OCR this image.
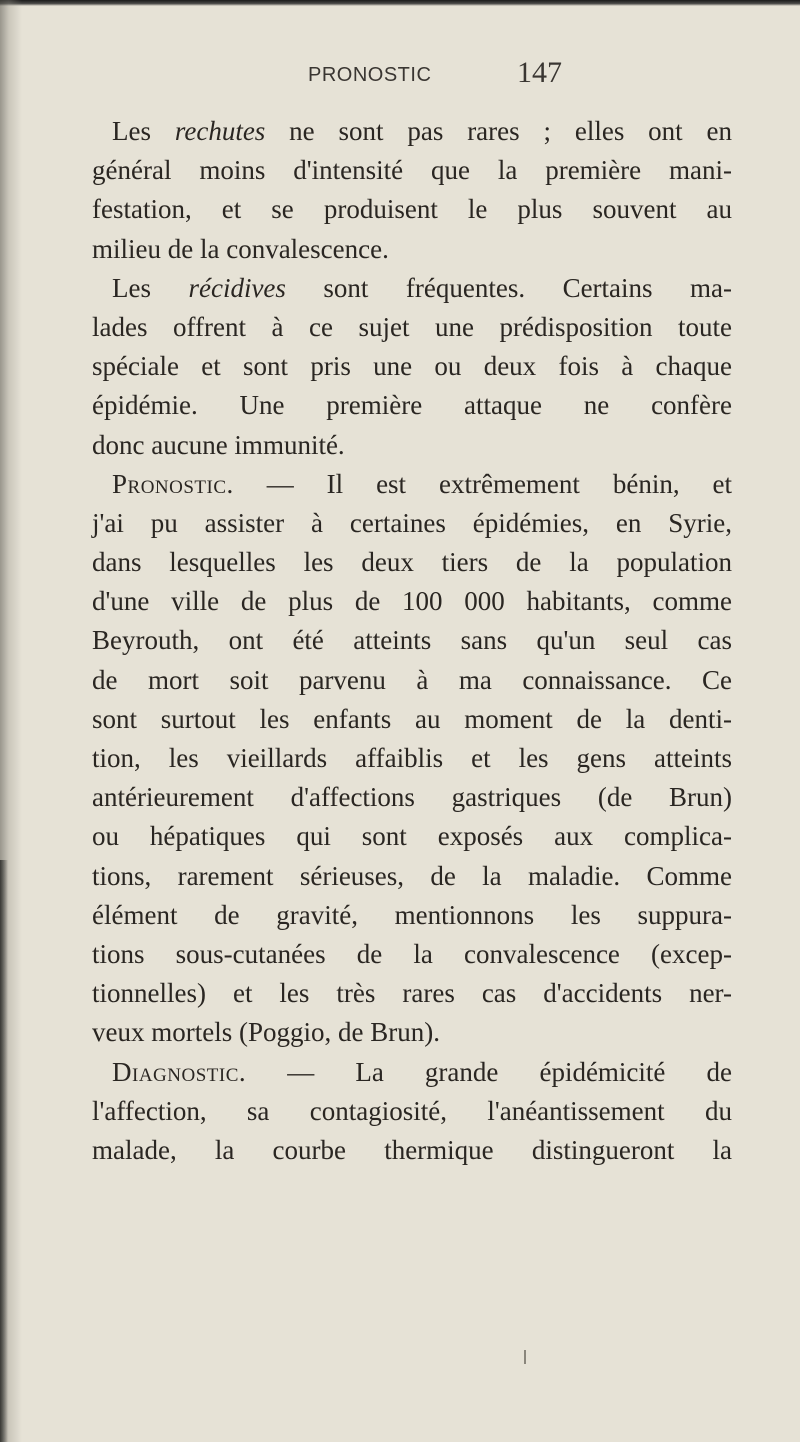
PRONOSTIC	147
Les rechutes ne sont pas rares ; elles ont en
général moins d'intensité que la première mani-
festation, et se produisent le plus souvent au
milieu de la convalescence.
Les récidives sont fréquentes. Certains ma-
lades offrent à ce sujet une prédisposition toute
spéciale et sont pris une ou deux fois à chaque
épidémie. Une première attaque ne confère
donc aucune immunité.
Pronostic. — Il est extrêmement bénin, et
j'ai pu assister à certaines épidémies, en Syrie,
dans lesquelles les deux tiers de la population
d'une ville de plus de 100 000 habitants, comme
Beyrouth, ont été atteints sans qu'un seul cas
de mort soit parvenu à ma connaissance. Ce
sont surtout les enfants au moment de la denti-
tion, les vieillards affaiblis et les gens atteints
antérieurement d'affections gastriques (de Brun)
ou hépatiques qui sont exposés aux complica-
tions, rarement sérieuses, de la maladie. Comme
élément de gravité, mentionnons les suppura-
tions sous-cutanées de la convalescence (excep-
tionnelles) et les très rares cas d'accidents ner-
veux mortels (Poggio, de Brun).
Diagnostic. — La grande épidémicité de
l'affection, sa contagiosité, l'anéantissement du
malade, la courbe thermique distingueront la
